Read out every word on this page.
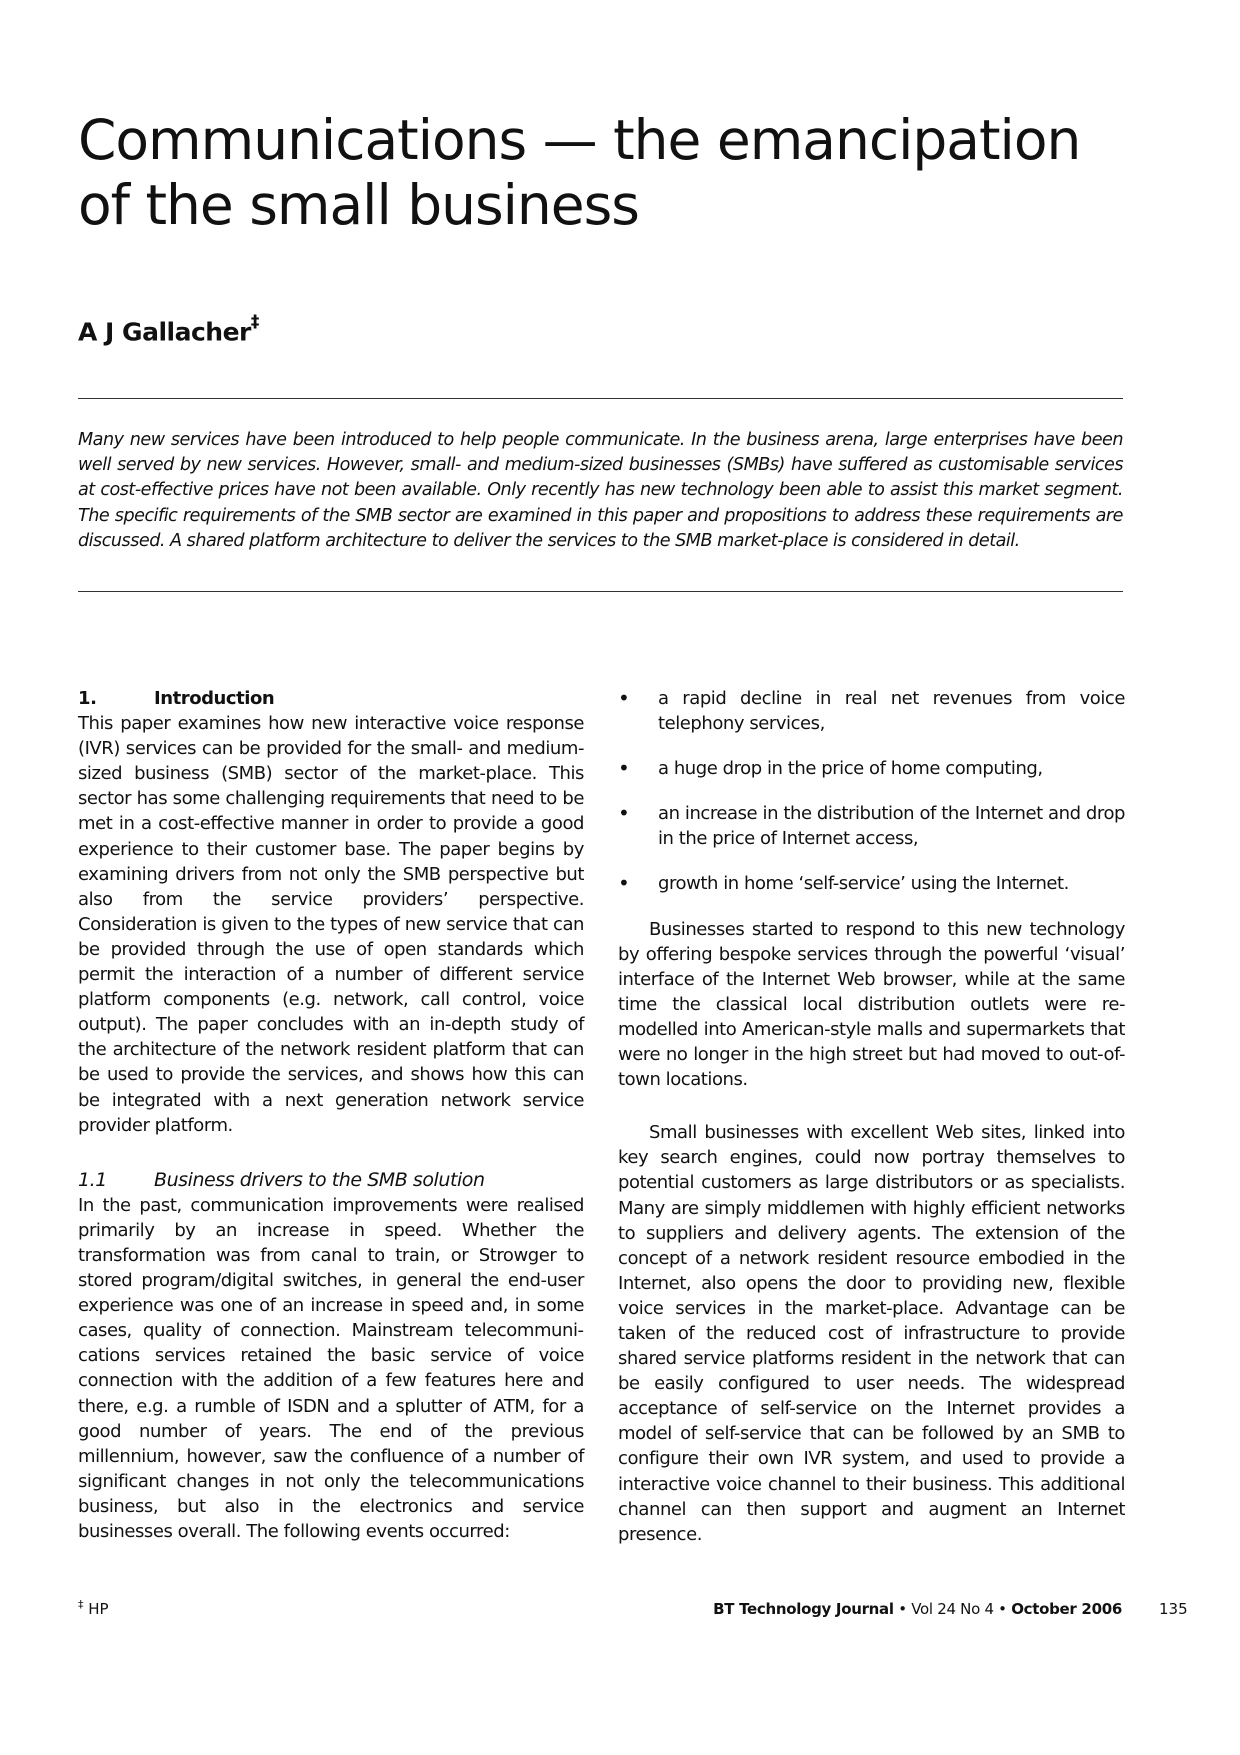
Communications — the emancipation of the small business
A J Gallacher‡

Many new services have been introduced to help people communicate. In the business arena, large enterprises have been well served by new services. However, small- and medium-sized businesses (SMBs) have suffered as customisable services at cost-effective prices have not been available. Only recently has new technology been able to assist this market segment. The specific requirements of the SMB sector are examined in this paper and propositions to address these requirements are discussed. A shared platform architecture to deliver the services to the SMB market-place is considered in detail.

1.	Introduction

This paper examines how new interactive voice response (IVR) services can be provided for the small- and medium-sized business (SMB) sector of the market-place. This sector has some challenging requirements that need to be met in a cost-effective manner in order to provide a good experience to their customer base. The paper begins by examining drivers from not only the SMB perspective but also from the service providers’ perspective. Consideration is given to the types of new service that can be provided through the use of open standards which permit the interaction of a number of different service platform components (e.g. network, call control, voice output). The paper concludes with an in-depth study of the architecture of the network resident platform that can be used to provide the services, and shows how this can be integrated with a next generation network service provider platform.

1.1	Business drivers to the SMB solution

In the past, communication improvements were realised primarily by an increase in speed. Whether the transformation was from canal to train, or Strowger to stored program/digital switches, in general the end-user experience was one of an increase in speed and, in some cases, quality of connection. Mainstream telecommunications services retained the basic service of voice connection with the addition of a few features here and there, e.g. a rumble of ISDN and a splutter of ATM, for a good number of years. The end of the previous millennium, however, saw the confluence of a number of significant changes in not only the telecommunications business, but also in the electronics and service businesses overall. The following events occurred:

• a rapid decline in real net revenues from voice telephony services,
• a huge drop in the price of home computing,
• an increase in the distribution of the Internet and drop in the price of Internet access,
• growth in home ‘self-service’ using the Internet.

Businesses started to respond to this new technology by offering bespoke services through the powerful ‘visual’ interface of the Internet Web browser, while at the same time the classical local distribution outlets were re-modelled into American-style malls and supermarkets that were no longer in the high street but had moved to out-of-town locations.

Small businesses with excellent Web sites, linked into key search engines, could now portray themselves to potential customers as large distributors or as specialists. Many are simply middlemen with highly efficient networks to suppliers and delivery agents. The extension of the concept of a network resident resource embodied in the Internet, also opens the door to providing new, flexible voice services in the market-place. Advantage can be taken of the reduced cost of infrastructure to provide shared service platforms resident in the network that can be easily configured to user needs. The widespread acceptance of self-service on the Internet provides a model of self-service that can be followed by an SMB to configure their own IVR system, and used to provide a interactive voice channel to their business. This additional channel can then support and augment an Internet presence.

‡ HP	BT Technology Journal • Vol 24 No 4 • October 2006 135
